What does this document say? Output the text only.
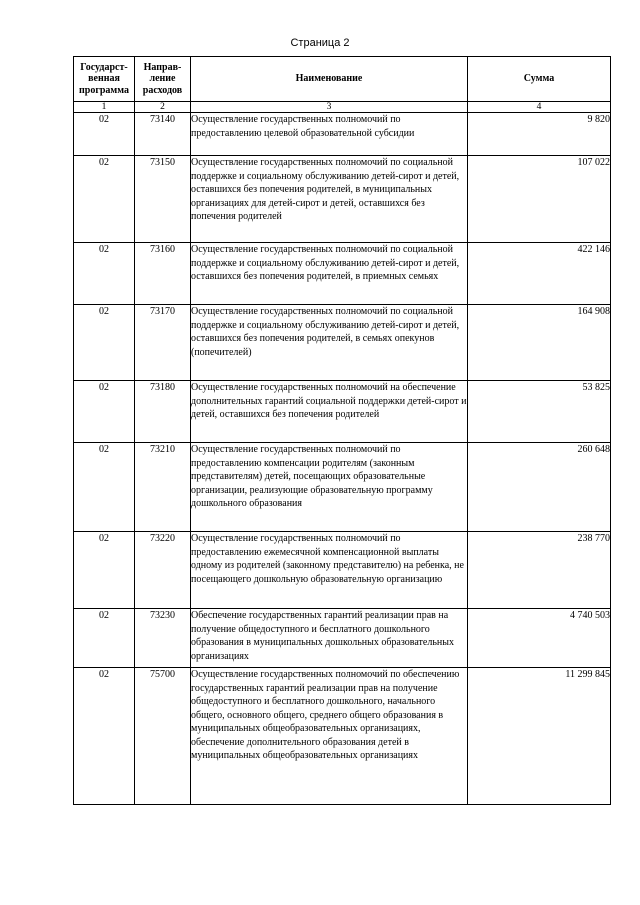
Страница 2
Государст-венная программа	Направ-ление расходов	Наименование	Сумма
1	2	3	4
02	73140	Осуществление государственных полномочий по предоставлению целевой образовательной субсидии	9 820
02	73150	Осуществление государственных полномочий по социальной поддержке и социальному обслуживанию детей-сирот и детей, оставшихся без попечения родителей, в муниципальных организациях для детей-сирот и детей, оставшихся без попечения родителей	107 022
02	73160	Осуществление государственных полномочий по социальной поддержке и социальному обслуживанию детей-сирот и детей, оставшихся без попечения родителей, в приемных семьях	422 146
02	73170	Осуществление государственных полномочий по социальной поддержке и социальному обслуживанию детей-сирот и детей, оставшихся без попечения родителей, в семьях опекунов (попечителей)	164 908
02	73180	Осуществление государственных полномочий на обеспечение дополнительных гарантий социальной поддержки детей-сирот и детей, оставшихся без попечения родителей	53 825
02	73210	Осуществление государственных полномочий по предоставлению компенсации родителям (законным представителям) детей, посещающих образовательные организации, реализующие образовательную программу дошкольного образования	260 648
02	73220	Осуществление государственных полномочий по предоставлению ежемесячной компенсационной выплаты одному из родителей (законному представителю) на ребенка, не посещающего дошкольную образовательную организацию	238 770
02	73230	Обеспечение государственных гарантий реализации прав на получение общедоступного и бесплатного дошкольного образования в муниципальных дошкольных образовательных организациях	4 740 503
02	75700	Осуществление государственных полномочий по обеспечению государственных гарантий реализации прав на получение общедоступного и бесплатного дошкольного, начального общего, основного общего, среднего общего образования в муниципальных общеобразовательных организациях, обеспечение дополнительного образования детей в муниципальных общеобразовательных организациях	11 299 845
